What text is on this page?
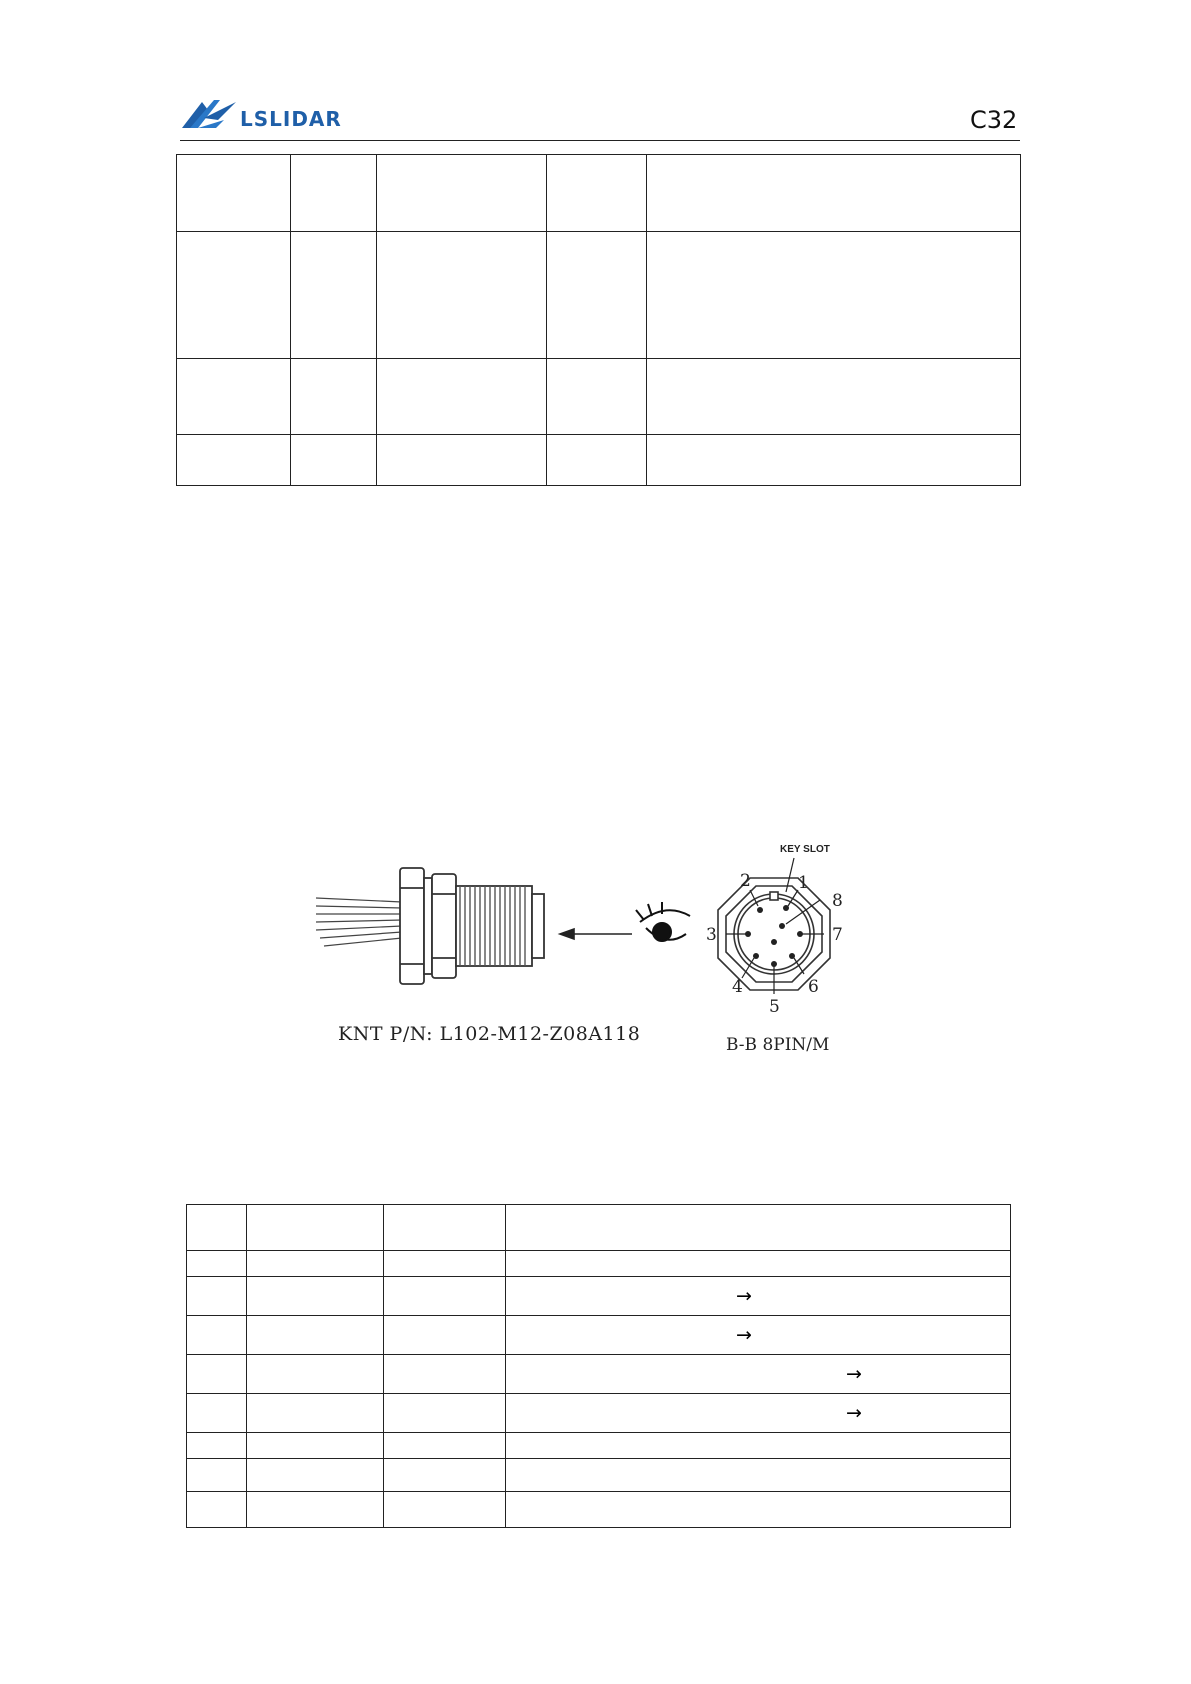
LSLIDAR	C32

1
2
3
4
5
6
7
8
KEY SLOT
KNT P/N: L102-M12-Z08A118	B-B 8PIN/M

			→

			→

			→

			→
